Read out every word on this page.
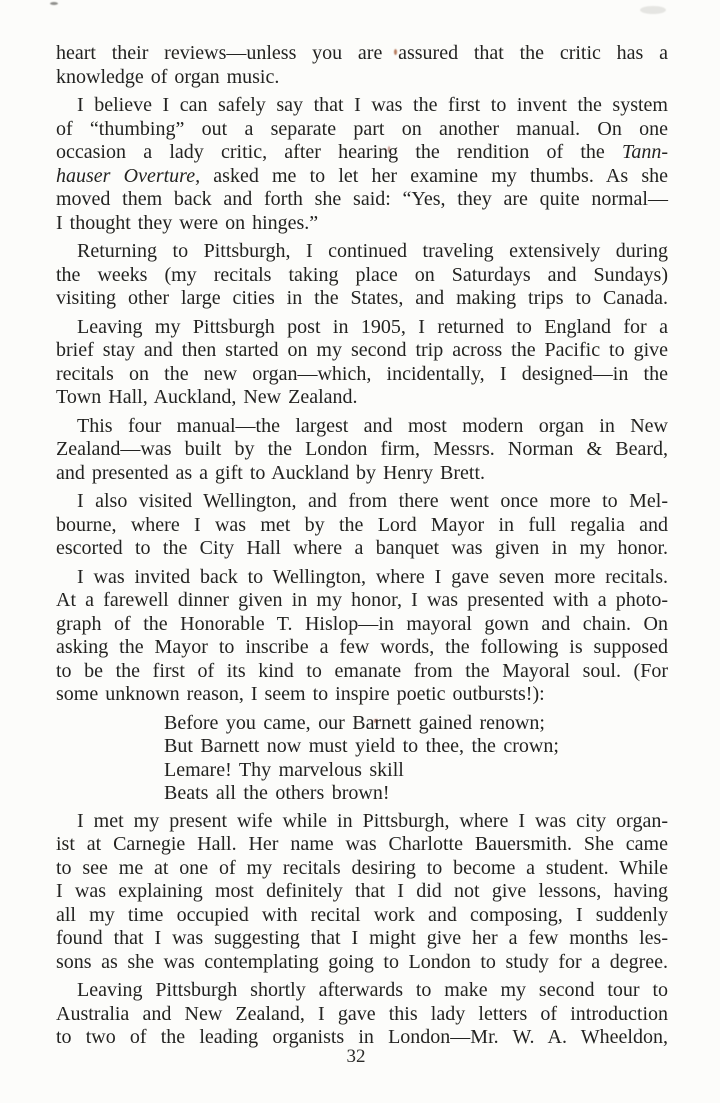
heart their reviews—unless you are assured that the critic has a
knowledge of organ music.
I believe I can safely say that I was the first to invent the system
of “thumbing” out a separate part on another manual. On one
occasion a lady critic, after hearing the rendition of the Tann-
hauser Overture, asked me to let her examine my thumbs. As she
moved them back and forth she said: “Yes, they are quite normal—
I thought they were on hinges.”
Returning to Pittsburgh, I continued traveling extensively during
the weeks (my recitals taking place on Saturdays and Sundays)
visiting other large cities in the States, and making trips to Canada.
Leaving my Pittsburgh post in 1905, I returned to England for a
brief stay and then started on my second trip across the Pacific to give
recitals on the new organ—which, incidentally, I designed—in the
Town Hall, Auckland, New Zealand.
This four manual—the largest and most modern organ in New
Zealand—was built by the London firm, Messrs. Norman & Beard,
and presented as a gift to Auckland by Henry Brett.
I also visited Wellington, and from there went once more to Mel-
bourne, where I was met by the Lord Mayor in full regalia and
escorted to the City Hall where a banquet was given in my honor.
I was invited back to Wellington, where I gave seven more recitals.
At a farewell dinner given in my honor, I was presented with a photo-
graph of the Honorable T. Hislop—in mayoral gown and chain. On
asking the Mayor to inscribe a few words, the following is supposed
to be the first of its kind to emanate from the Mayoral soul. (For
some unknown reason, I seem to inspire poetic outbursts!):
Before you came, our Barnett gained renown;
But Barnett now must yield to thee, the crown;
Lemare! Thy marvelous skill
Beats all the others brown!
I met my present wife while in Pittsburgh, where I was city organ-
ist at Carnegie Hall. Her name was Charlotte Bauersmith. She came
to see me at one of my recitals desiring to become a student. While
I was explaining most definitely that I did not give lessons, having
all my time occupied with recital work and composing, I suddenly
found that I was suggesting that I might give her a few months les-
sons as she was contemplating going to London to study for a degree.
Leaving Pittsburgh shortly afterwards to make my second tour to
Australia and New Zealand, I gave this lady letters of introduction
to two of the leading organists in London—Mr. W. A. Wheeldon,
32
